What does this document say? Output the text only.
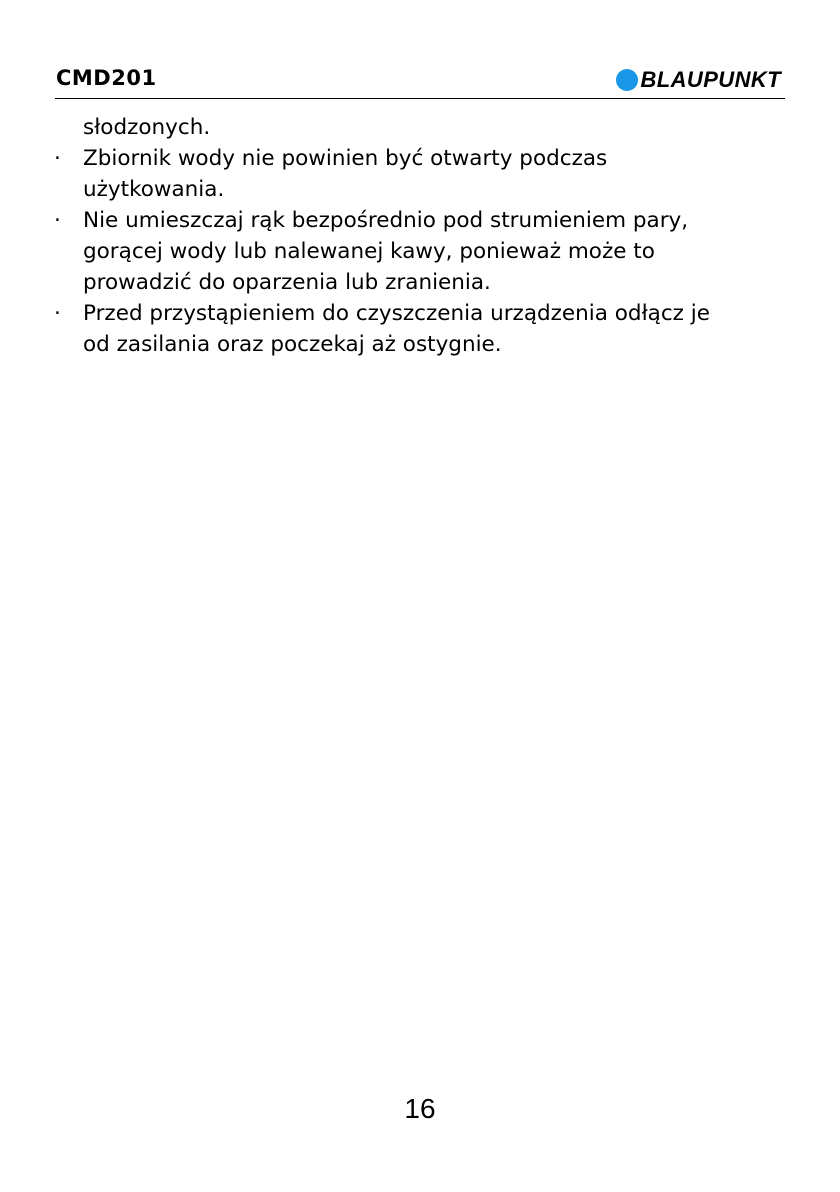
CMD201	BLAUPUNKT
słodzonych.
·	Zbiornik wody nie powinien być otwarty podczas
użytkowania.
·	Nie umieszczaj rąk bezpośrednio pod strumieniem pary,
gorącej wody lub nalewanej kawy, ponieważ może to
prowadzić do oparzenia lub zranienia.
·	Przed przystąpieniem do czyszczenia urządzenia odłącz je
od zasilania oraz poczekaj aż ostygnie.
16
